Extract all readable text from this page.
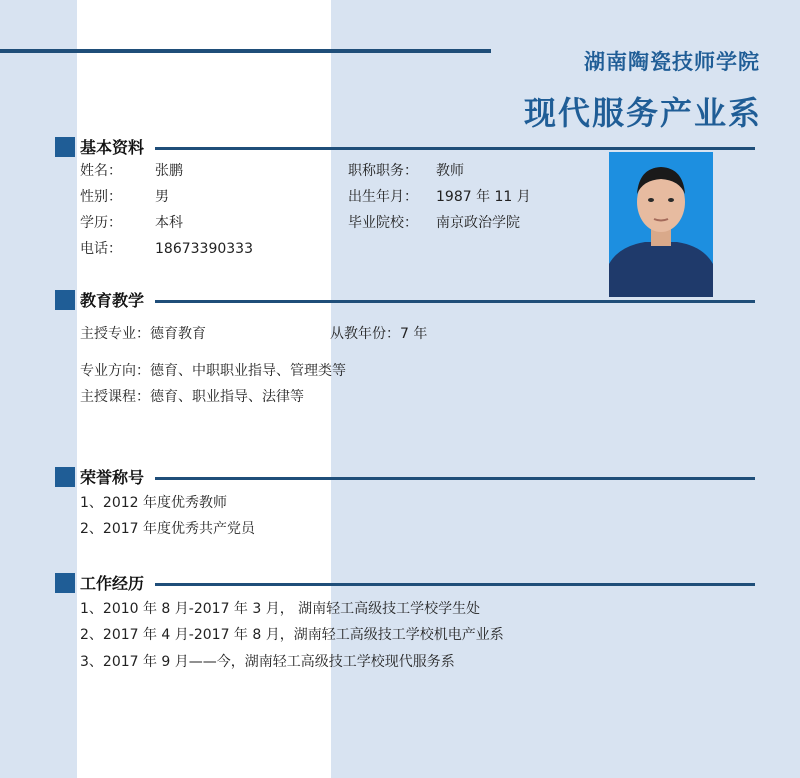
湖南陶瓷技师学院
现代服务产业系
基本资料
姓名： 张鹏
性别： 男
学历： 本科
电话： 18673390333
职称职务： 教师
出生年月： 1987 年 11 月
毕业院校： 南京政治学院
教育教学
主授专业：德育教育	从教年份：7 年
专业方向：德育、中职职业指导、管理类等
主授课程：德育、职业指导、法律等
荣誉称号
1、2012 年度优秀教师
2、2017 年度优秀共产党员
工作经历
1、2010 年 8 月-2017 年 3 月， 湖南轻工高级技工学校学生处
2、2017 年 4 月-2017 年 8 月，湖南轻工高级技工学校机电产业系
3、2017 年 9 月——今，湖南轻工高级技工学校现代服务系
